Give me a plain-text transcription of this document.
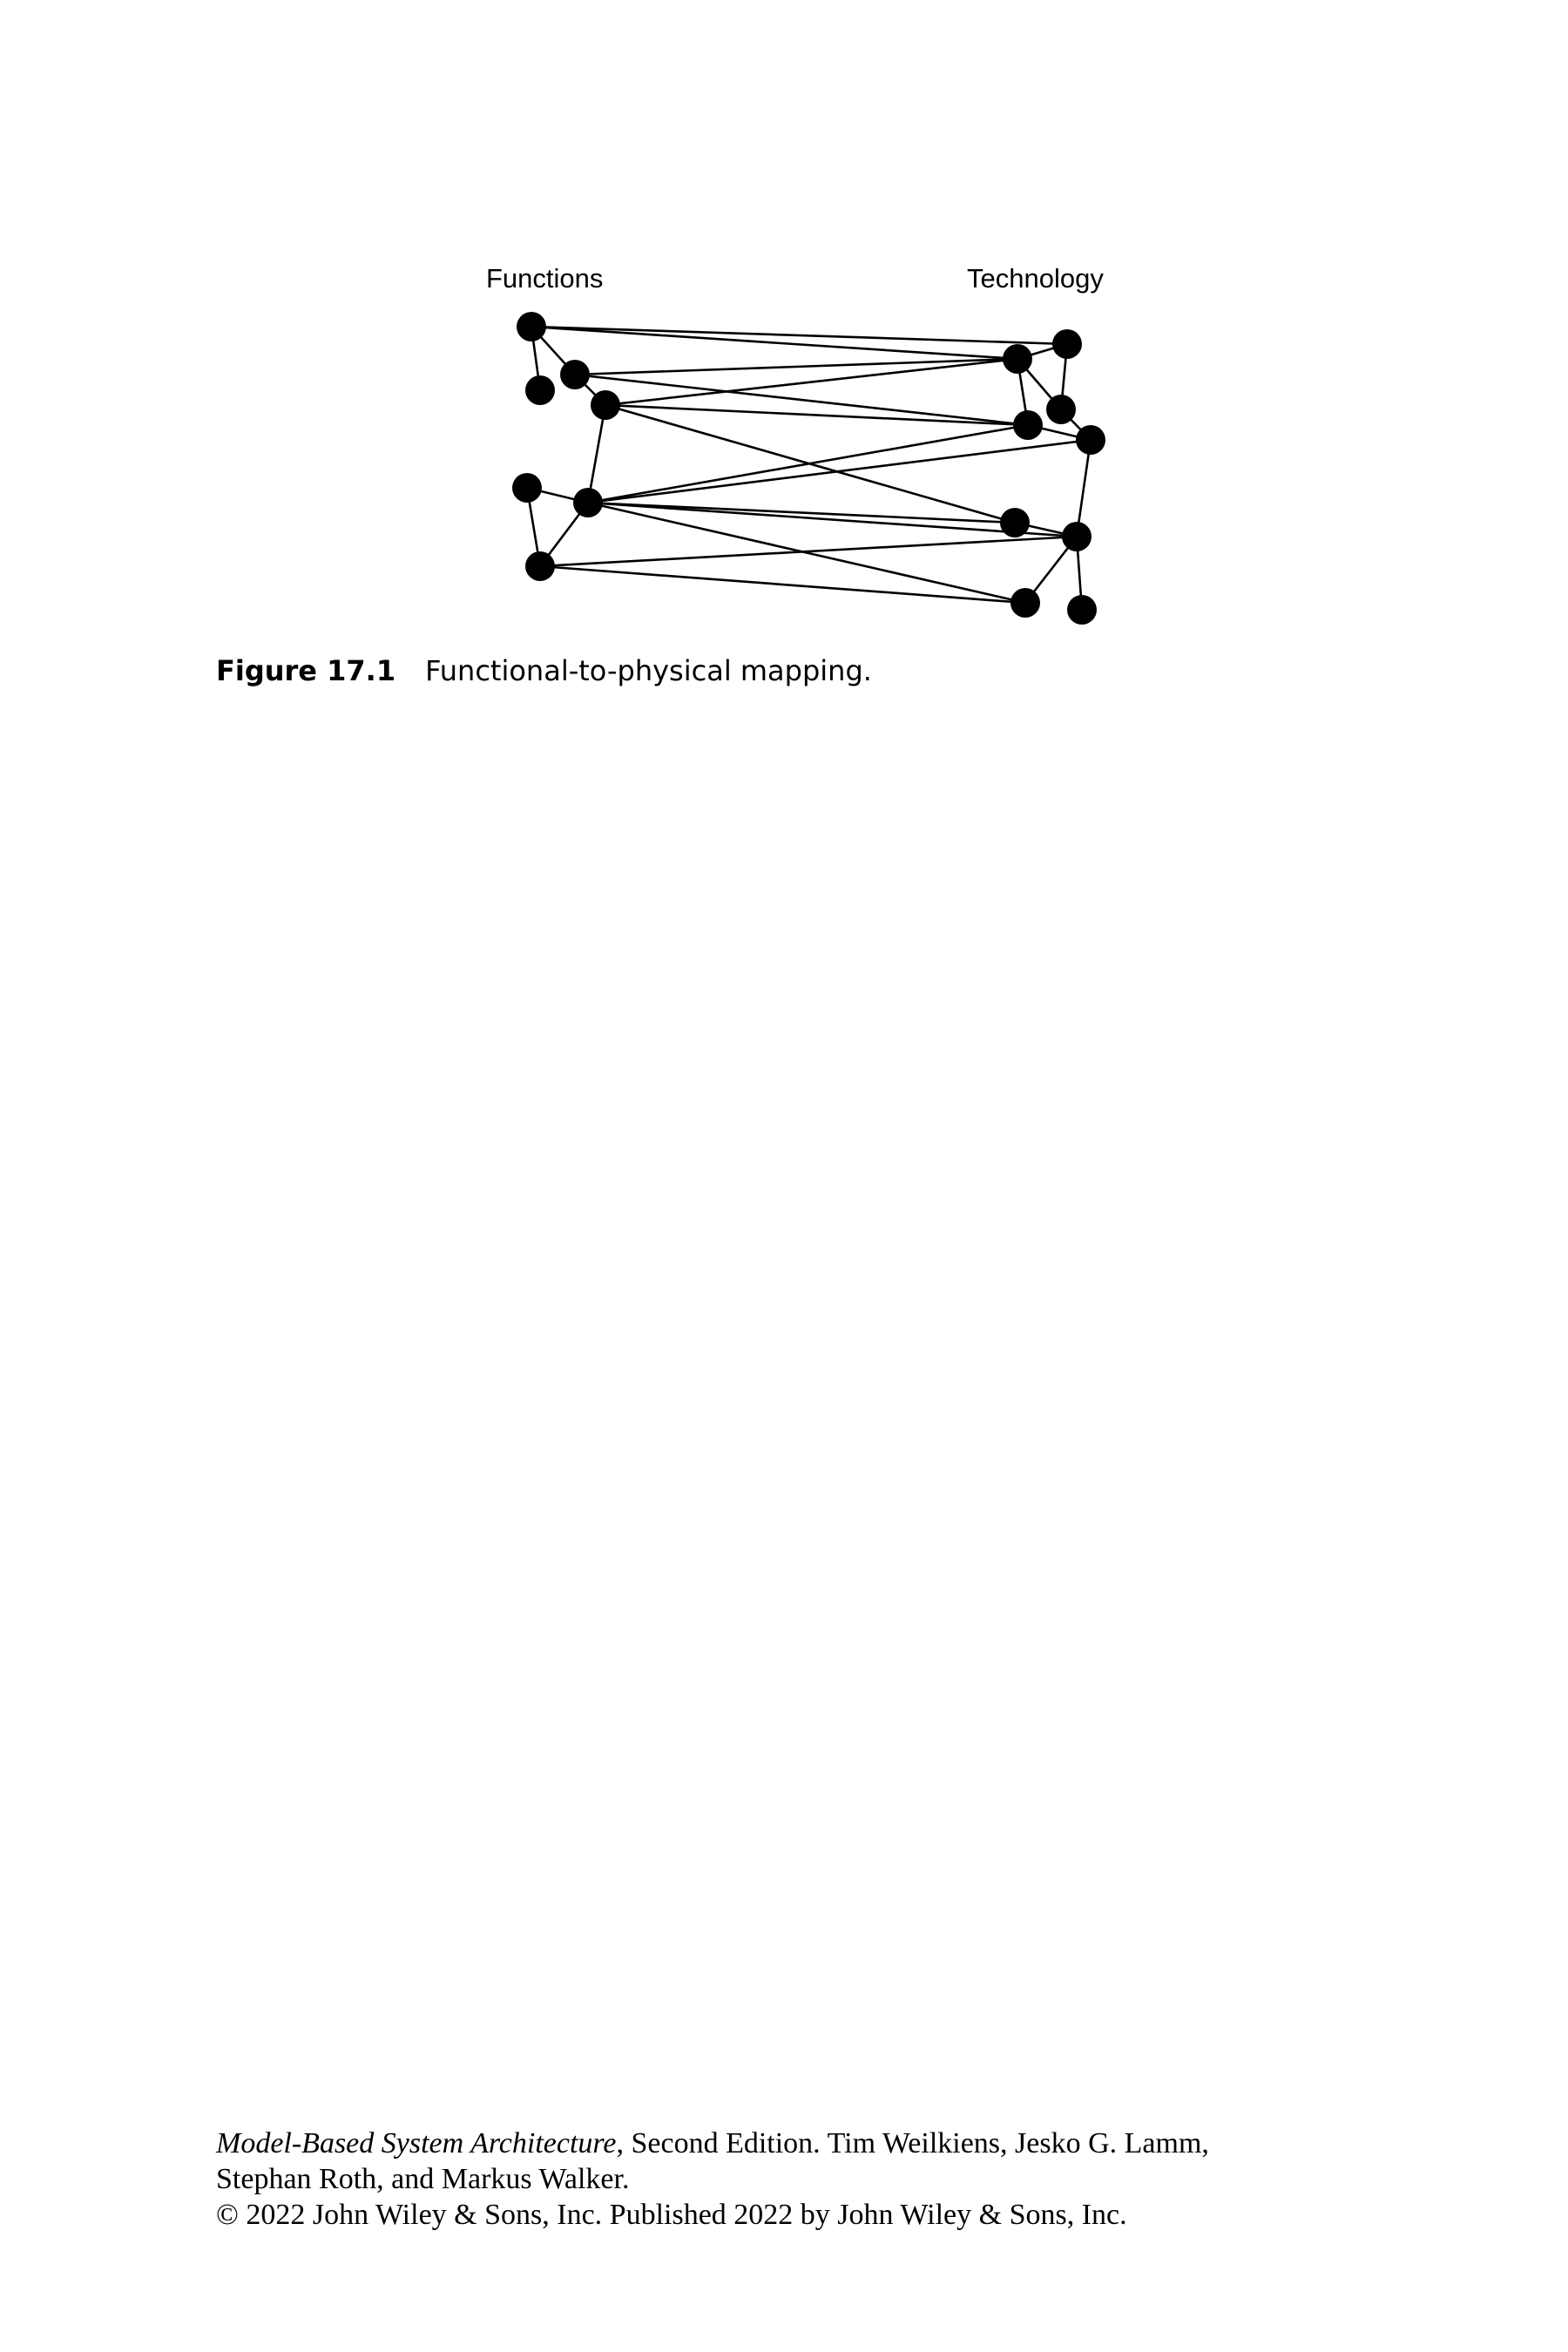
Functions	Technology
Figure 17.1 Functional-to-physical mapping.
Model-Based System Architecture, Second Edition. Tim Weilkiens, Jesko G. Lamm,
Stephan Roth, and Markus Walker.
© 2022 John Wiley & Sons, Inc. Published 2022 by John Wiley & Sons, Inc.
